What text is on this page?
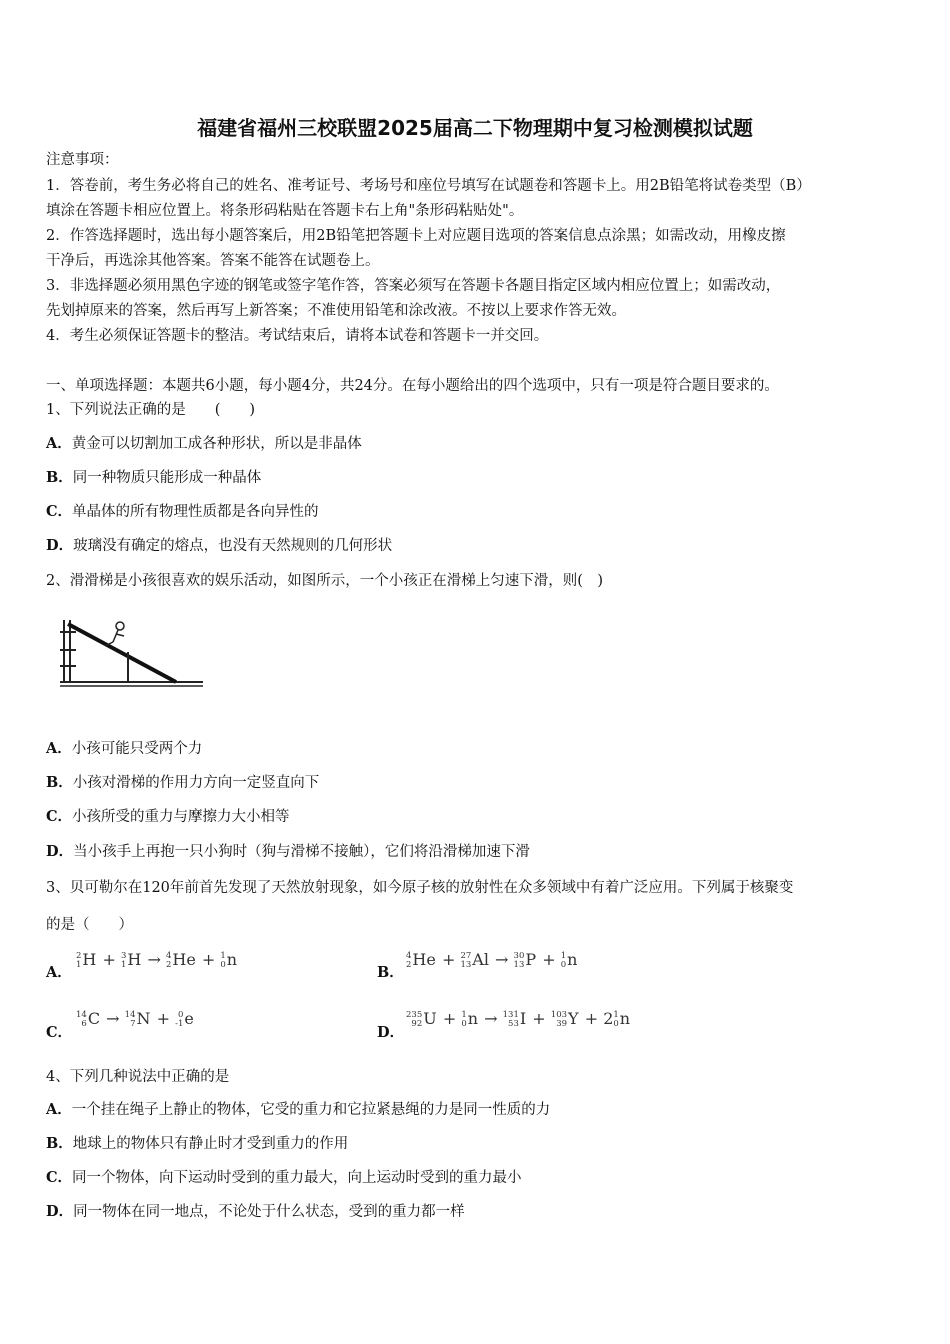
福建省福州三校联盟2025届高二下物理期中复习检测模拟试题
注意事项：
1．答卷前，考生务必将自己的姓名、准考证号、考场号和座位号填写在试题卷和答题卡上。用2B铅笔将试卷类型（B）
填涂在答题卡相应位置上。将条形码粘贴在答题卡右上角"条形码粘贴处"。
2．作答选择题时，选出每小题答案后，用2B铅笔把答题卡上对应题目选项的答案信息点涂黑；如需改动，用橡皮擦
干净后，再选涂其他答案。答案不能答在试题卷上。
3．非选择题必须用黑色字迹的钢笔或签字笔作答，答案必须写在答题卡各题目指定区域内相应位置上；如需改动，
先划掉原来的答案，然后再写上新答案；不准使用铅笔和涂改液。不按以上要求作答无效。
4．考生必须保证答题卡的整洁。考试结束后，请将本试卷和答题卡一并交回。
一、单项选择题：本题共6小题，每小题4分，共24分。在每小题给出的四个选项中，只有一项是符合题目要求的。
1、下列说法正确的是　　(　　)
A．黄金可以切割加工成各种形状，所以是非晶体
B．同一种物质只能形成一种晶体
C．单晶体的所有物理性质都是各向异性的
D．玻璃没有确定的熔点，也没有天然规则的几何形状
2、滑滑梯是小孩很喜欢的娱乐活动，如图所示，一个小孩正在滑梯上匀速下滑，则(　)
A．小孩可能只受两个力
B．小孩对滑梯的作用力方向一定竖直向下
C．小孩所受的重力与摩擦力大小相等
D．当小孩手上再抱一只小狗时（狗与滑梯不接触），它们将沿滑梯加速下滑
3、贝可勒尔在120年前首先发现了天然放射现象，如今原子核的放射性在众多领域中有着广泛应用。下列属于核聚变
的是（　　）
A．
2
1 H + 3
1 H → 4
2 He + 1
0 n
B．
4
2 He + 27
13 Al → 30
13 P + 1
0 n
C．
14
6 C → 14
7 N + 0
-1 e
D．
235
92 U + 1
0 n → 131
53 I + 103
39 Y + 2 1
0 n
4、下列几种说法中正确的是
A．一个挂在绳子上静止的物体，它受的重力和它拉紧悬绳的力是同一性质的力
B．地球上的物体只有静止时才受到重力的作用
C．同一个物体，向下运动时受到的重力最大，向上运动时受到的重力最小
D．同一物体在同一地点，不论处于什么状态，受到的重力都一样
